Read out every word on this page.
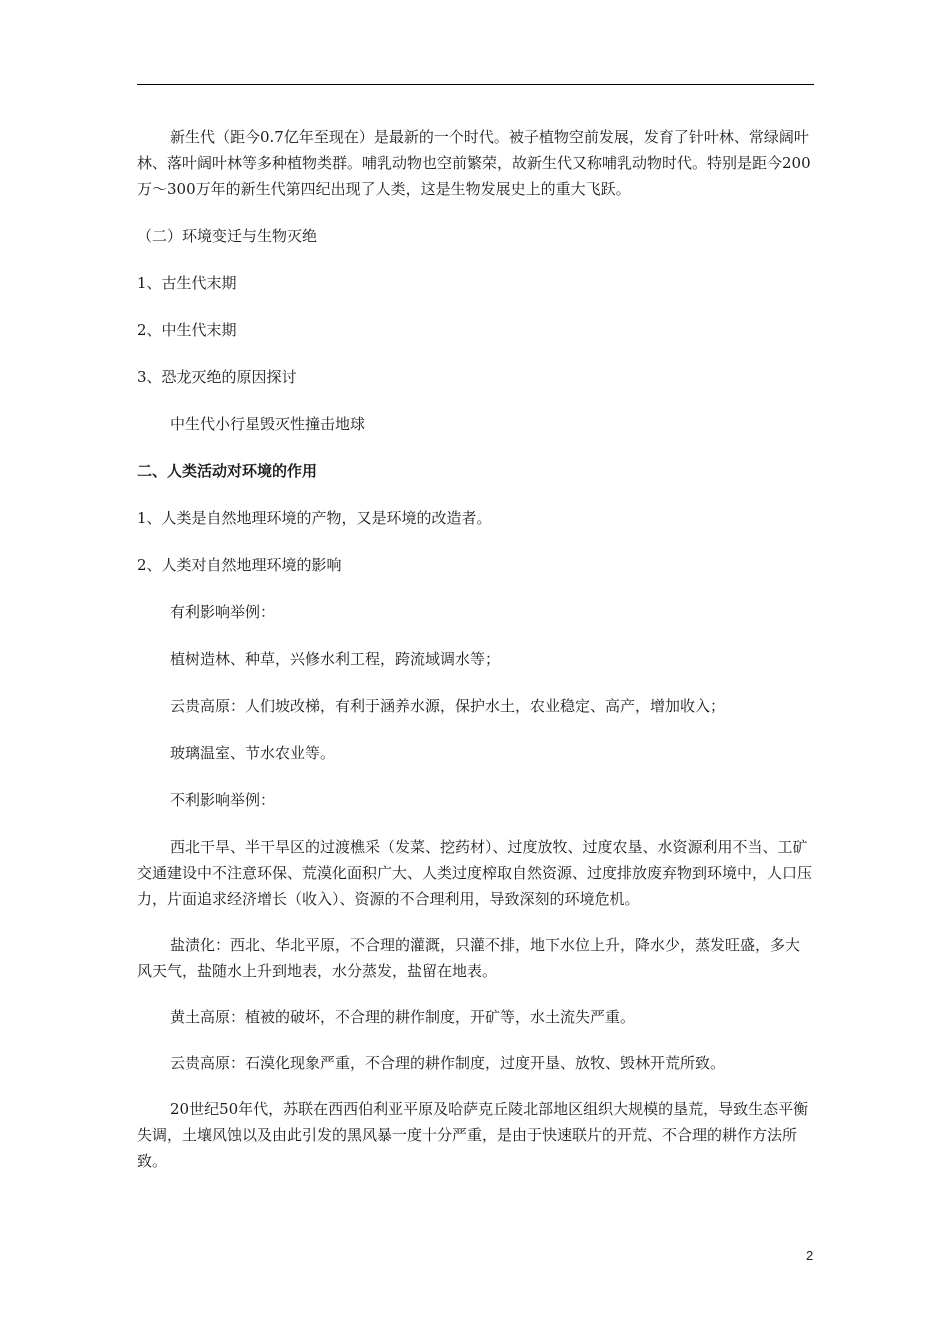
新生代（距今0.7亿年至现在）是最新的一个时代。被子植物空前发展，发育了针叶林、常绿阔叶林、落叶阔叶林等多种植物类群。哺乳动物也空前繁荣，故新生代又称哺乳动物时代。特别是距今200万～300万年的新生代第四纪出现了人类，这是生物发展史上的重大飞跃。

（二）环境变迁与生物灭绝

1、古生代末期

2、中生代末期

3、恐龙灭绝的原因探讨

中生代小行星毁灭性撞击地球

二、人类活动对环境的作用

1、人类是自然地理环境的产物，又是环境的改造者。

2、人类对自然地理环境的影响

有利影响举例：

植树造林、种草，兴修水利工程，跨流域调水等；

云贵高原：人们坡改梯，有利于涵养水源，保护水土，农业稳定、高产，增加收入；

玻璃温室、节水农业等。

不利影响举例：

西北干旱、半干旱区的过渡樵采（发菜、挖药材）、过度放牧、过度农垦、水资源利用不当、工矿交通建设中不注意环保、荒漠化面积广大、人类过度榨取自然资源、过度排放废弃物到环境中，人口压力，片面追求经济增长（收入）、资源的不合理利用，导致深刻的环境危机。

盐渍化：西北、华北平原，不合理的灌溉，只灌不排，地下水位上升，降水少，蒸发旺盛，多大风天气，盐随水上升到地表，水分蒸发，盐留在地表。

黄土高原：植被的破坏，不合理的耕作制度，开矿等，水土流失严重。

云贵高原：石漠化现象严重，不合理的耕作制度，过度开垦、放牧、毁林开荒所致。

20世纪50年代，苏联在西西伯利亚平原及哈萨克丘陵北部地区组织大规模的垦荒，导致生态平衡失调，土壤风蚀以及由此引发的黑风暴一度十分严重，是由于快速联片的开荒、不合理的耕作方法所致。

2
